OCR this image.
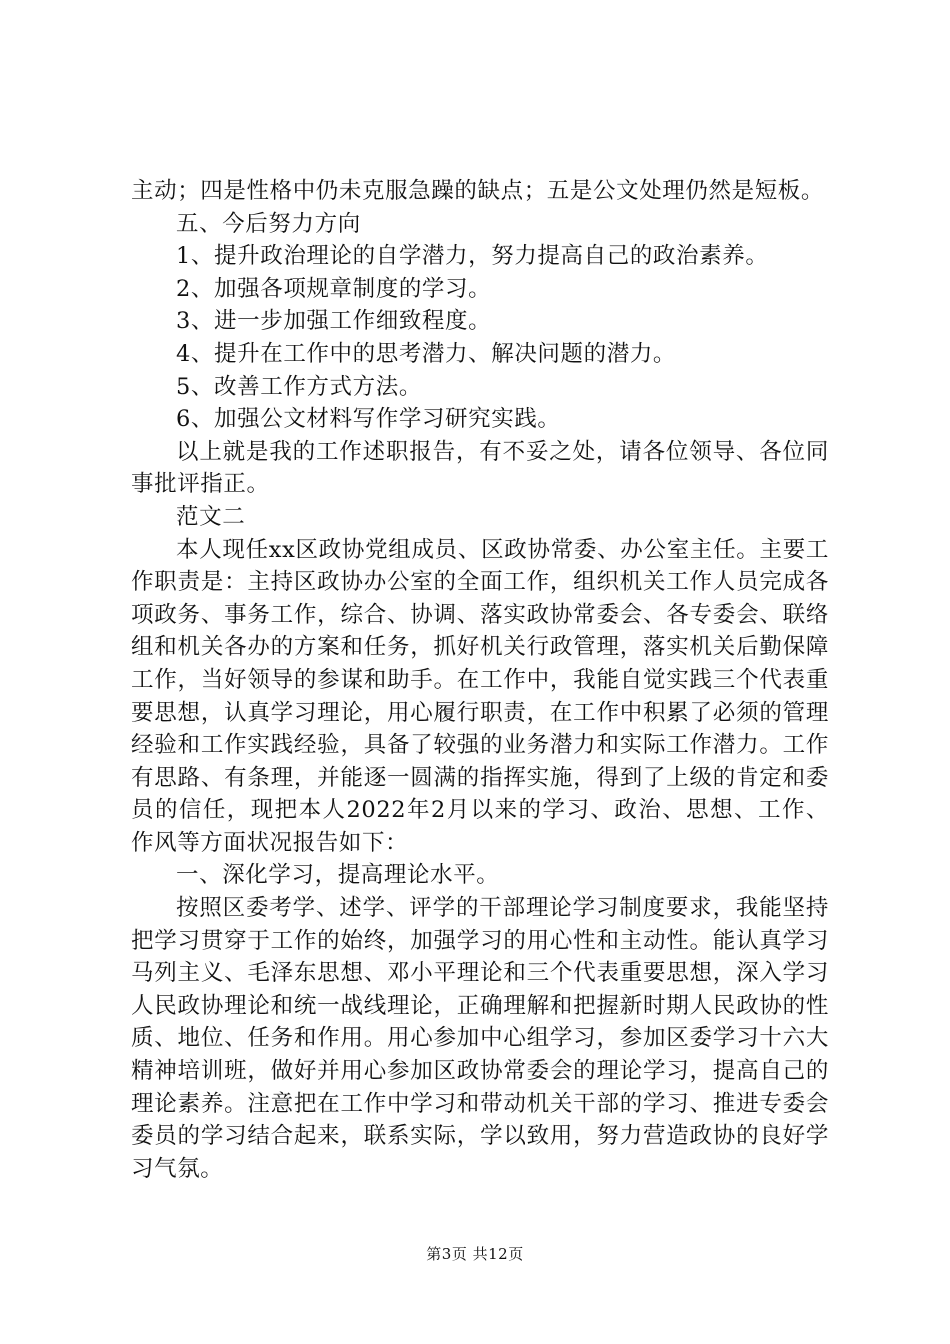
主动；四是性格中仍未克服急躁的缺点；五是公文处理仍然是短板。

五、今后努力方向

1、提升政治理论的自学潜力，努力提高自己的政治素养。

2、加强各项规章制度的学习。

3、进一步加强工作细致程度。

4、提升在工作中的思考潜力、解决问题的潜力。

5、改善工作方式方法。

6、加强公文材料写作学习研究实践。

以上就是我的工作述职报告，有不妥之处，请各位领导、各位同事批评指正。

范文二

本人现任xx区政协党组成员、区政协常委、办公室主任。主要工作职责是：主持区政协办公室的全面工作，组织机关工作人员完成各项政务、事务工作，综合、协调、落实政协常委会、各专委会、联络组和机关各办的方案和任务，抓好机关行政管理，落实机关后勤保障工作，当好领导的参谋和助手。在工作中，我能自觉实践三个代表重要思想，认真学习理论，用心履行职责，在工作中积累了必须的管理经验和工作实践经验，具备了较强的业务潜力和实际工作潜力。工作有思路、有条理，并能逐一圆满的指挥实施，得到了上级的肯定和委员的信任，现把本人2022年2月以来的学习、政治、思想、工作、作风等方面状况报告如下：

一、深化学习，提高理论水平。

按照区委考学、述学、评学的干部理论学习制度要求，我能坚持把学习贯穿于工作的始终，加强学习的用心性和主动性。能认真学习马列主义、毛泽东思想、邓小平理论和三个代表重要思想，深入学习人民政协理论和统一战线理论，正确理解和把握新时期人民政协的性质、地位、任务和作用。用心参加中心组学习，参加区委学习十六大精神培训班，做好并用心参加区政协常委会的理论学习，提高自己的理论素养。注意把在工作中学习和带动机关干部的学习、推进专委会委员的学习结合起来，联系实际，学以致用，努力营造政协的良好学习气氛。

第3页 共12页
